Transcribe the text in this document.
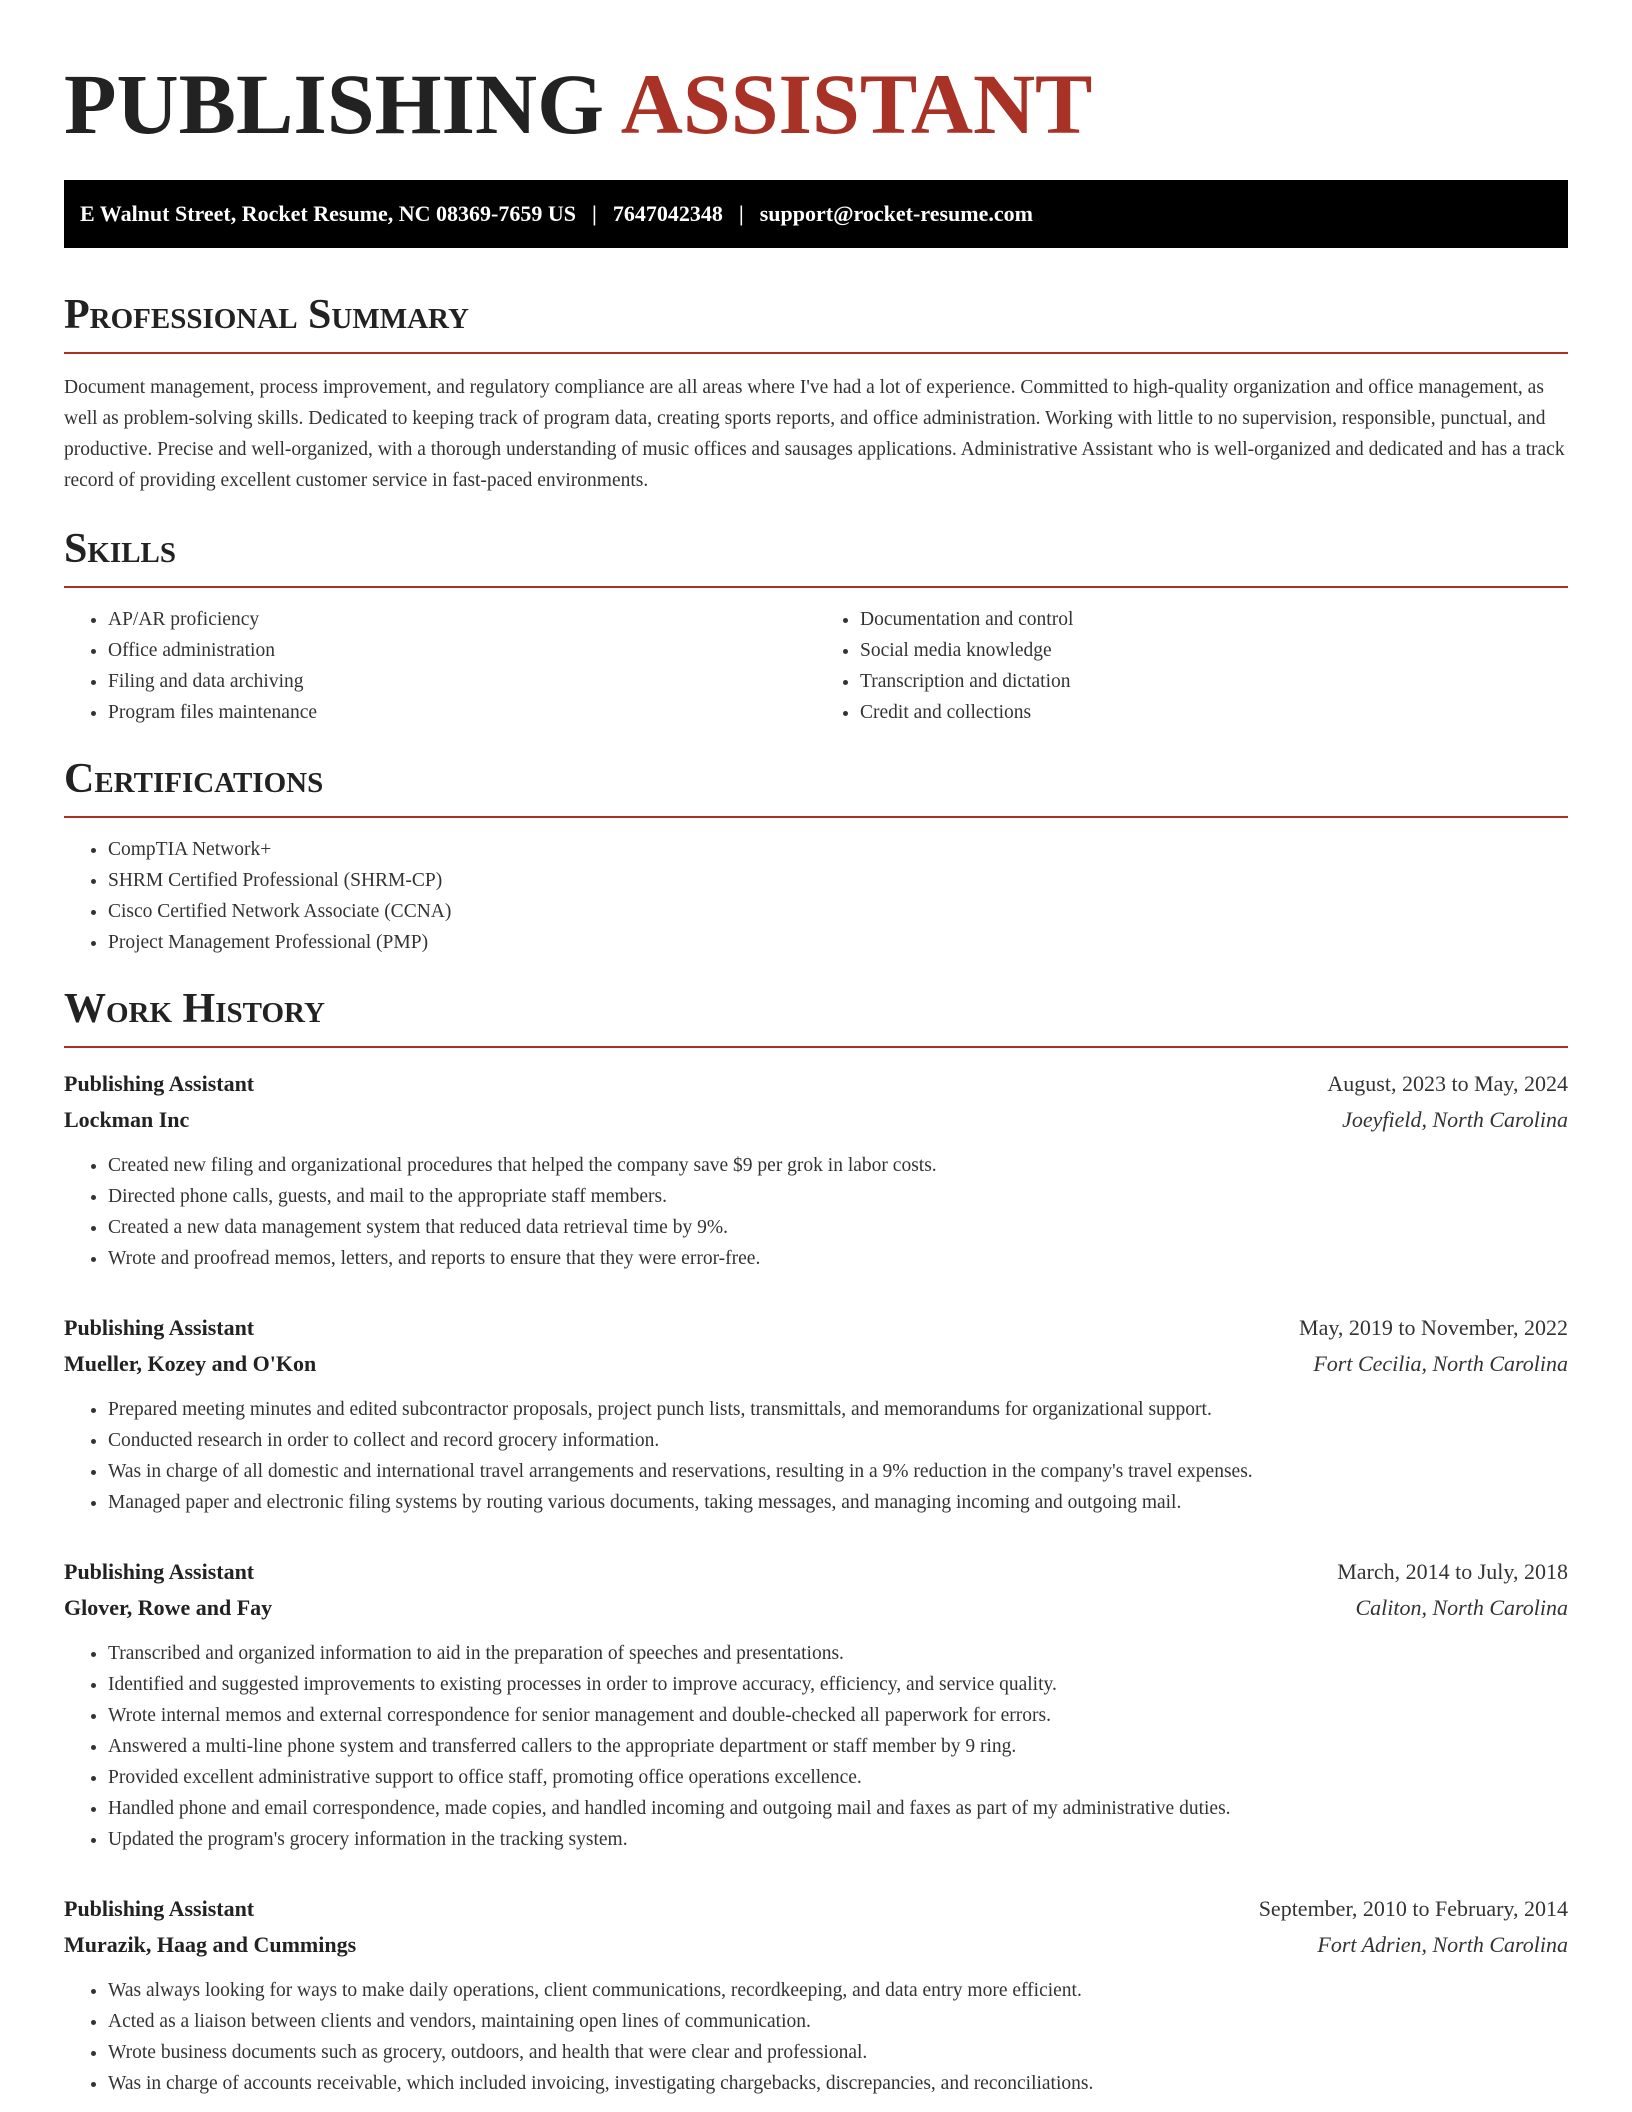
PUBLISHING ASSISTANT
E Walnut Street, Rocket Resume, NC 08369-7659 US | 7647042348 | support@rocket-resume.com
Professional Summary

Document management, process improvement, and regulatory compliance are all areas where I've had a lot of experience. Committed to high-quality organization and office management, as well as problem-solving skills. Dedicated to keeping track of program data, creating sports reports, and office administration. Working with little to no supervision, responsible, punctual, and productive. Precise and well-organized, with a thorough understanding of music offices and sausages applications. Administrative Assistant who is well-organized and dedicated and has a track record of providing excellent customer service in fast-paced environments.

Skills
• AP/AR proficiency
• Office administration
• Filing and data archiving
• Program files maintenance
• Documentation and control
• Social media knowledge
• Transcription and dictation
• Credit and collections
Certifications
• CompTIA Network+
• SHRM Certified Professional (SHRM-CP)
• Cisco Certified Network Associate (CCNA)
• Project Management Professional (PMP)
Work History
Publishing Assistant	August, 2023 to May, 2024
Lockman Inc	Joeyfield, North Carolina
• Created new filing and organizational procedures that helped the company save $9 per grok in labor costs.
• Directed phone calls, guests, and mail to the appropriate staff members.
• Created a new data management system that reduced data retrieval time by 9%.
• Wrote and proofread memos, letters, and reports to ensure that they were error-free.
Publishing Assistant	May, 2019 to November, 2022
Mueller, Kozey and O'Kon	Fort Cecilia, North Carolina
• Prepared meeting minutes and edited subcontractor proposals, project punch lists, transmittals, and memorandums for organizational support.
• Conducted research in order to collect and record grocery information.
• Was in charge of all domestic and international travel arrangements and reservations, resulting in a 9% reduction in the company's travel expenses.
• Managed paper and electronic filing systems by routing various documents, taking messages, and managing incoming and outgoing mail.
Publishing Assistant	March, 2014 to July, 2018
Glover, Rowe and Fay	Caliton, North Carolina
• Transcribed and organized information to aid in the preparation of speeches and presentations.
• Identified and suggested improvements to existing processes in order to improve accuracy, efficiency, and service quality.
• Wrote internal memos and external correspondence for senior management and double-checked all paperwork for errors.
• Answered a multi-line phone system and transferred callers to the appropriate department or staff member by 9 ring.
• Provided excellent administrative support to office staff, promoting office operations excellence.
• Handled phone and email correspondence, made copies, and handled incoming and outgoing mail and faxes as part of my administrative duties.
• Updated the program's grocery information in the tracking system.
Publishing Assistant	September, 2010 to February, 2014
Murazik, Haag and Cummings	Fort Adrien, North Carolina
• Was always looking for ways to make daily operations, client communications, recordkeeping, and data entry more efficient.
• Acted as a liaison between clients and vendors, maintaining open lines of communication.
• Wrote business documents such as grocery, outdoors, and health that were clear and professional.
• Was in charge of accounts receivable, which included invoicing, investigating chargebacks, discrepancies, and reconciliations.
